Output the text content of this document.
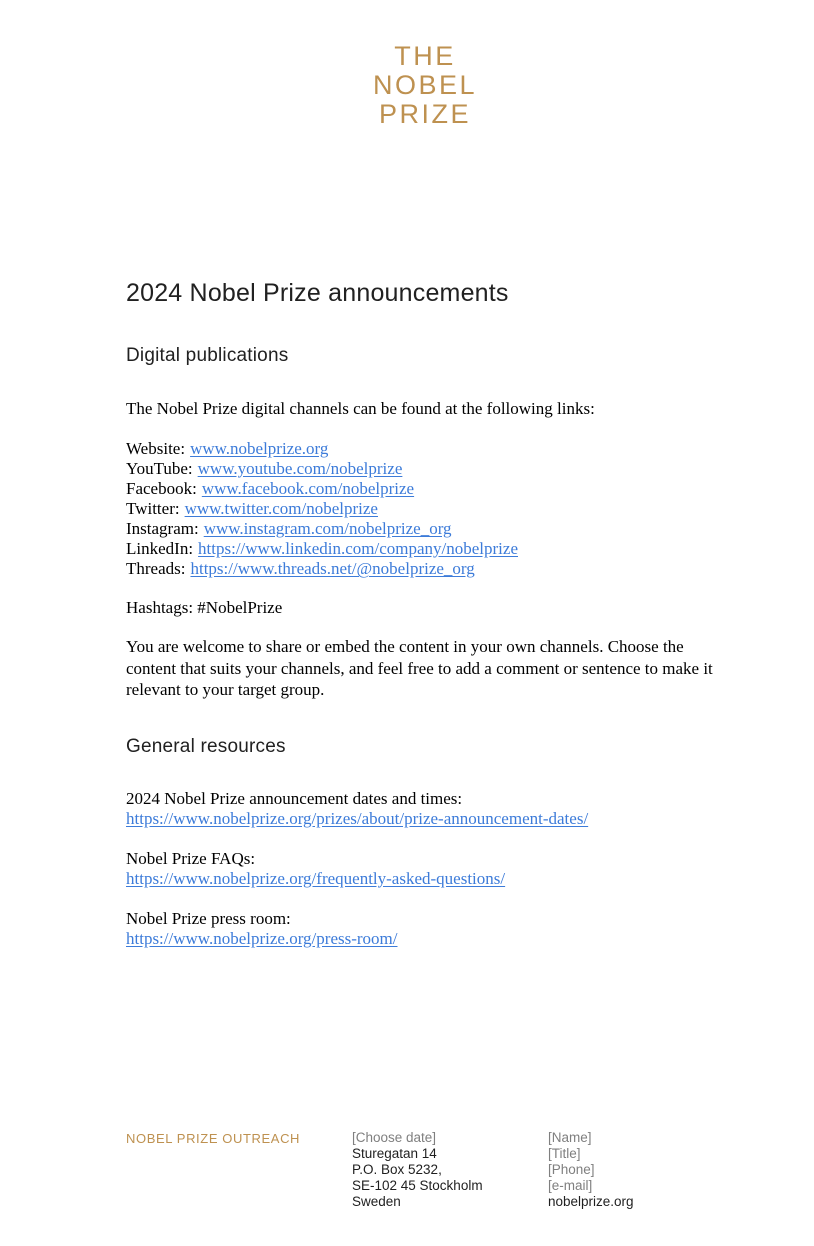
THE
NOBEL
PRIZE
2024 Nobel Prize announcements
Digital publications

The Nobel Prize digital channels can be found at the following links:

Website: www.nobelprize.org
YouTube: www.youtube.com/nobelprize
Facebook: www.facebook.com/nobelprize
Twitter: www.twitter.com/nobelprize
Instagram: www.instagram.com/nobelprize_org
LinkedIn: https://www.linkedin.com/company/nobelprize
Threads: https://www.threads.net/@nobelprize_org

Hashtags: #NobelPrize

You are welcome to share or embed the content in your own channels. Choose the content that suits your channels, and feel free to add a comment or sentence to make it relevant to your target group.

General resources
2024 Nobel Prize announcement dates and times:
https://www.nobelprize.org/prizes/about/prize-announcement-dates/
Nobel Prize FAQs:
https://www.nobelprize.org/frequently-asked-questions/
Nobel Prize press room:
https://www.nobelprize.org/press-room/
NOBEL PRIZE OUTREACH	[Choose date]
Sturegatan 14
P.O. Box 5232,
SE-102 45 Stockholm
Sweden
[Name]
[Title]
[Phone]
[e-mail]
nobelprize.org
